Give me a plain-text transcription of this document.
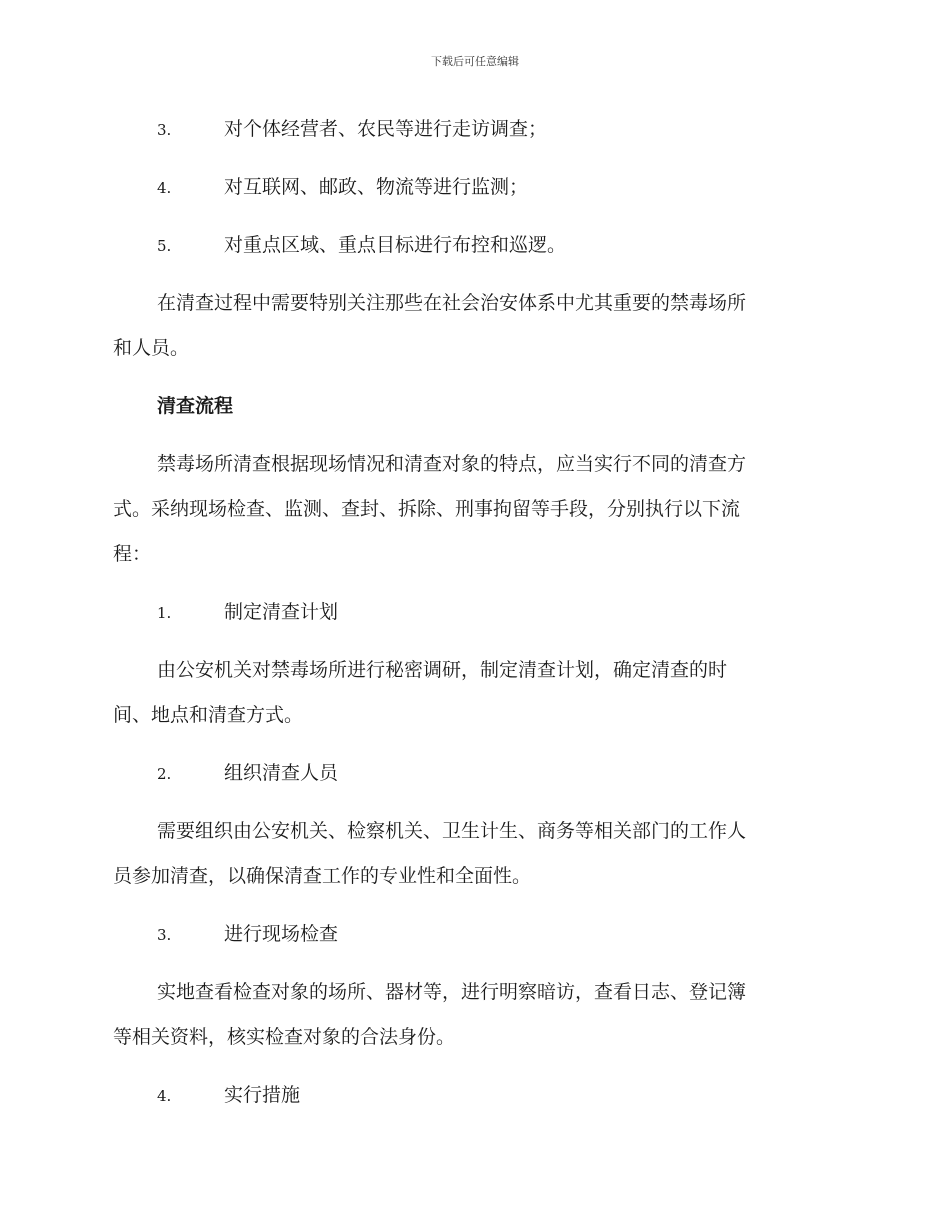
下载后可任意编辑
3.	对个体经营者、农民等进行走访调查；
4.	对互联网、邮政、物流等进行监测；
5.	对重点区域、重点目标进行布控和巡逻。
在清查过程中需要特别关注那些在社会治安体系中尤其重要的禁毒场所
和人员。
清查流程
禁毒场所清查根据现场情况和清查对象的特点，应当实行不同的清查方
式。采纳现场检查、监测、查封、拆除、刑事拘留等手段，分别执行以下流
程：
1.	制定清查计划
由公安机关对禁毒场所进行秘密调研，制定清查计划，确定清查的时
间、地点和清查方式。
2.	组织清查人员
需要组织由公安机关、检察机关、卫生计生、商务等相关部门的工作人
员参加清查，以确保清查工作的专业性和全面性。
3.	进行现场检查
实地查看检查对象的场所、器材等，进行明察暗访，查看日志、登记簿
等相关资料，核实检查对象的合法身份。
4.	实行措施
